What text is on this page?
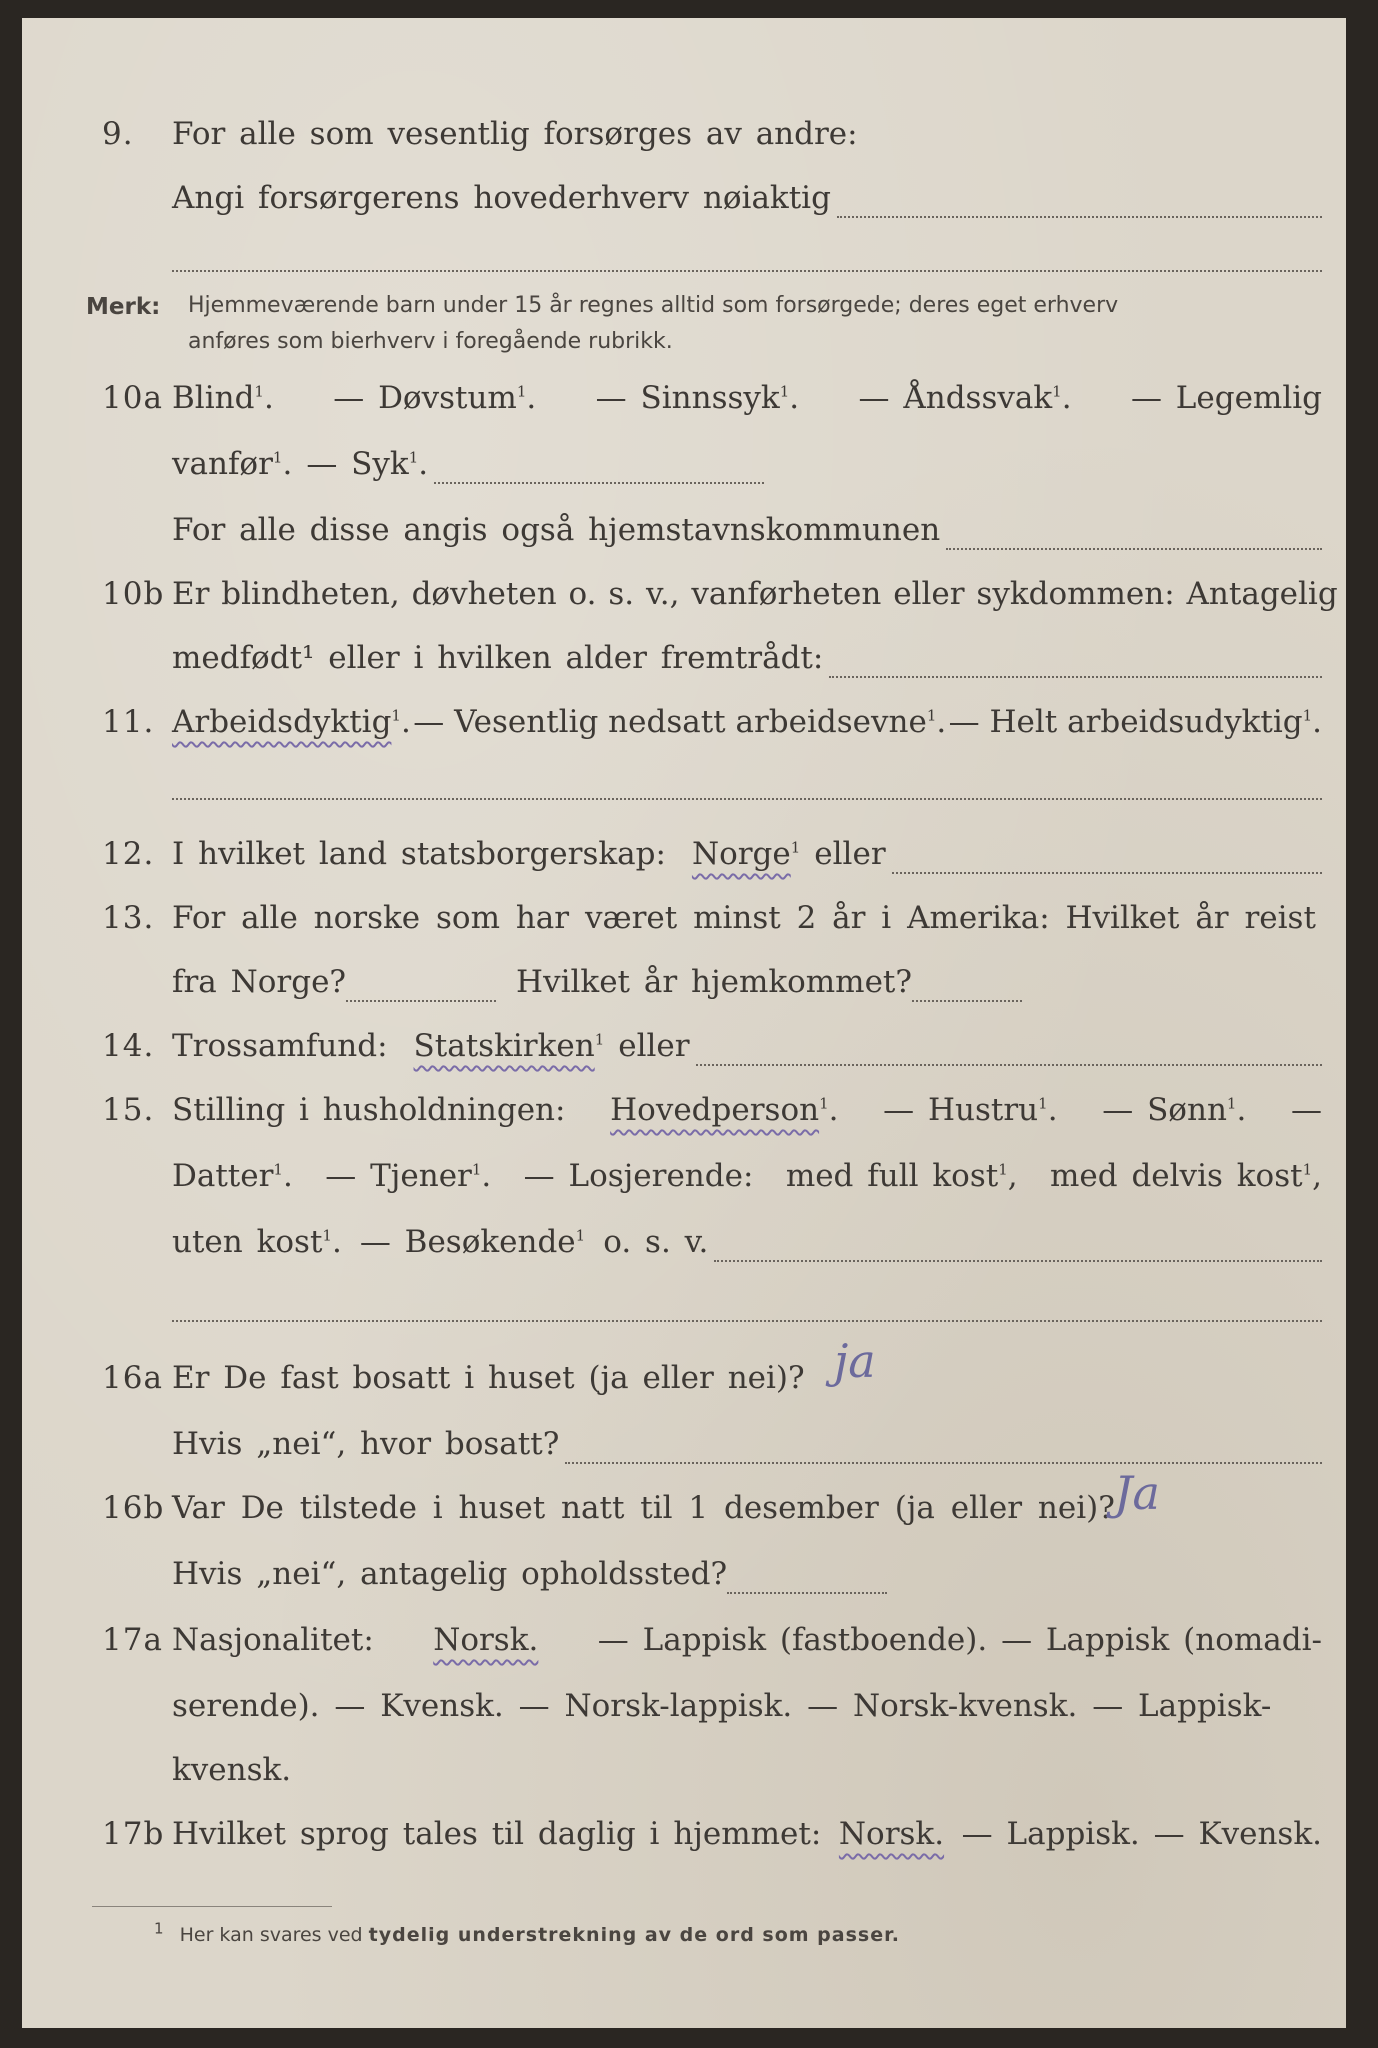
9. For alle som vesentlig forsørges av andre:
Angi forsørgerens hovederhverv nøiaktig
Merk: Hjemmeværende barn under 15 år regnes alltid som forsørgede; deres eget erhverv
anføres som bierhverv i foregående rubrikk.
10a Blind$^1$. — Døvstum$^1$. — Sinnssyk$^1$. — Åndssvak$^1$. — Legemlig
vanfør$^1$. — Syk$^1$.
For alle disse angis også hjemstavnskommunen
10b Er blindheten, døvheten o. s. v., vanførheten eller sykdommen: Antagelig
medfødt¹ eller i hvilken alder fremtrådt:
11. Arbeidsdyktig$^1$. — Vesentlig nedsatt arbeidsevne$^1$. — Helt arbeidsudyktig$^1$.
12. I hvilket land statsborgerskap: Norge$^1$ eller
13. For alle norske som har været minst 2 år i Amerika: Hvilket år reist
fra Norge?	Hvilket år hjemkommet?
14. Trossamfund: Statskirken$^1$ eller
15. Stilling i husholdningen: Hovedperson$^1$. — Hustru$^1$. — Sønn$^1$. —
Datter$^1$. — Tjener$^1$. — Losjerende: med full kost$^1$, med delvis kost$^1$,
uten kost$^1$. — Besøkende$^1$ o. s. v.
16a Er De fast bosatt i huset (ja eller nei)? ja
Hvis „nei“, hvor bosatt?
16b Var De tilstede i huset natt til 1 desember (ja eller nei)? Ja
Hvis „nei“, antagelig opholdssted?
17a Nasjonalitet: Norsk. — Lappisk (fastboende). — Lappisk (nomadi-
serende). — Kvensk. — Norsk-lappisk. — Norsk-kvensk. — Lappisk-
kvensk.
17b Hvilket sprog tales til daglig i hjemmet: Norsk. — Lappisk. — Kvensk.
$^1$ Her kan svares ved tydelig understrekning av de ord som passer.
